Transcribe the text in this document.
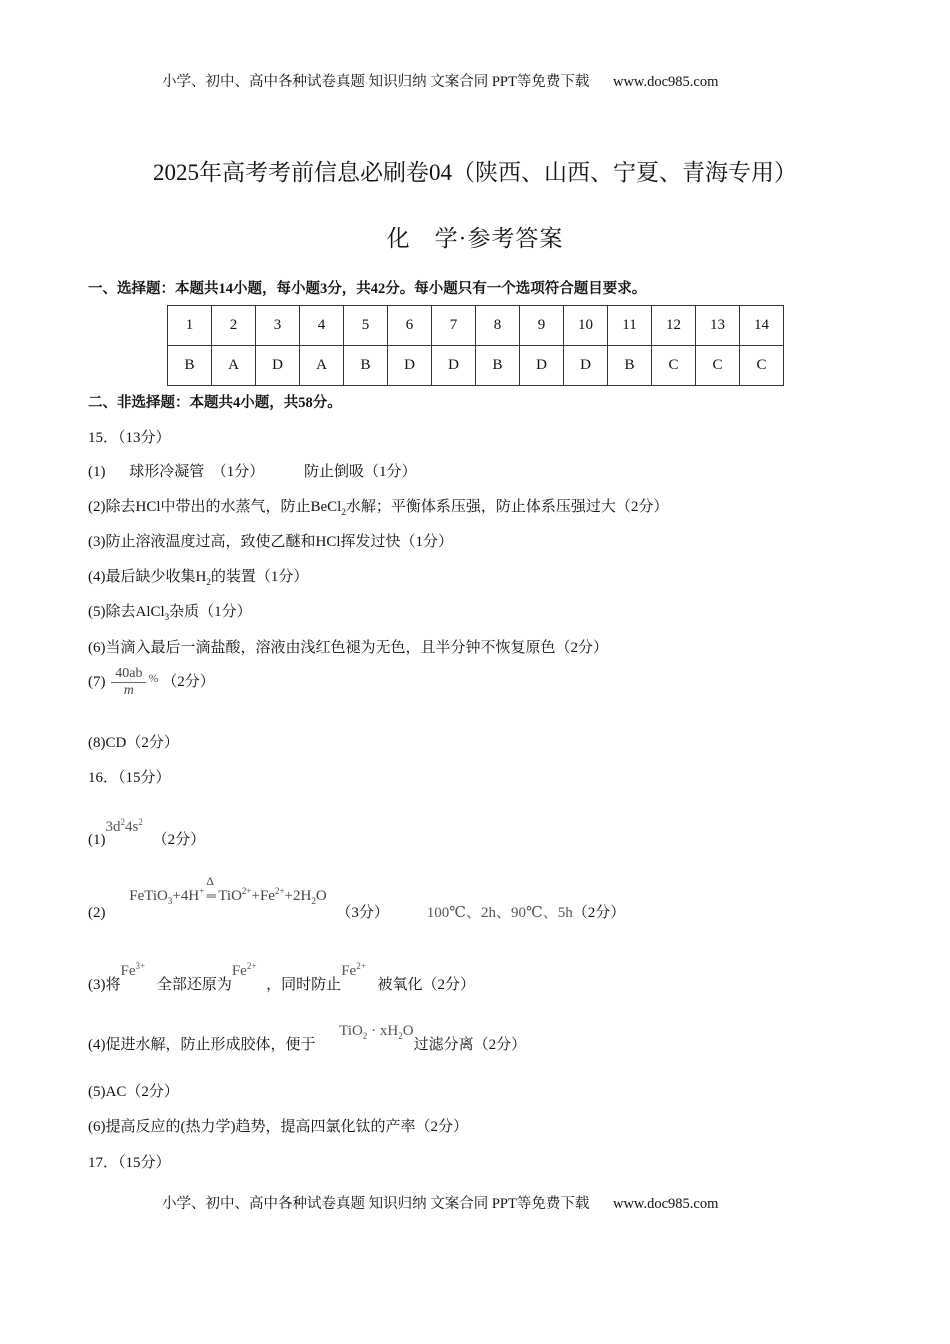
小学、初中、高中各种试卷真题 知识归纳 文案合同 PPT等免费下载 www.doc985.com
2025年高考考前信息必刷卷04（陕西、山西、宁夏、青海专用）
化　学·参考答案
一、选择题：本题共14小题，每小题3分，共42分。每小题只有一个选项符合题目要求。
1	2	3	4	5	6	7	8	9	10	11	12	13	14
B	A	D	A	B	D	D	B	D	D	B	C	C	C
二、非选择题：本题共4小题，共58分。
15．（13分）
(1) 球形冷凝管　（1分）	防止倒吸（1分）
(2)除去HCl中带出的水蒸气，防止BeCl$_2$水解；平衡体系压强，防止体系压强过大（2分）
(3)防止溶液温度过高，致使乙醚和HCl挥发过快（1分）
(4)最后缺少收集$H_2$的装置（1分）
(5)除去AlCl$_3$杂质（1分）
(6)当滴入最后一滴盐酸，溶液由浅红色褪为无色，且半分钟不恢复原色（2分）
$(7) \frac{40ab}{m} ^{\%}$ （2分）
(8)CD（2分）
16．（15分）
$(1)3d^24s^2$ （2分）
(2) FeTiO$_3$+4H+
Δ
═ $TiO^{2+}+Fe^{2+}+2H_2O$ （3分）	100℃、2h、90℃、5h（2分）
(3)将$Fe^{3+}$ 全部还原为$Fe^{2+}$ ，同时防止$Fe^{2+}$ 被氧化（2分）
(4)促进水解，防止形成胶体，便于 $TiO_2 \cdot xH_2O$过滤分离（2分）
(5)AC（2分）
(6)提高反应的(热力学)趋势，提高四氯化钛的产率（2分）
17．（15分）
小学、初中、高中各种试卷真题 知识归纳 文案合同 PPT等免费下载 www.doc985.com
